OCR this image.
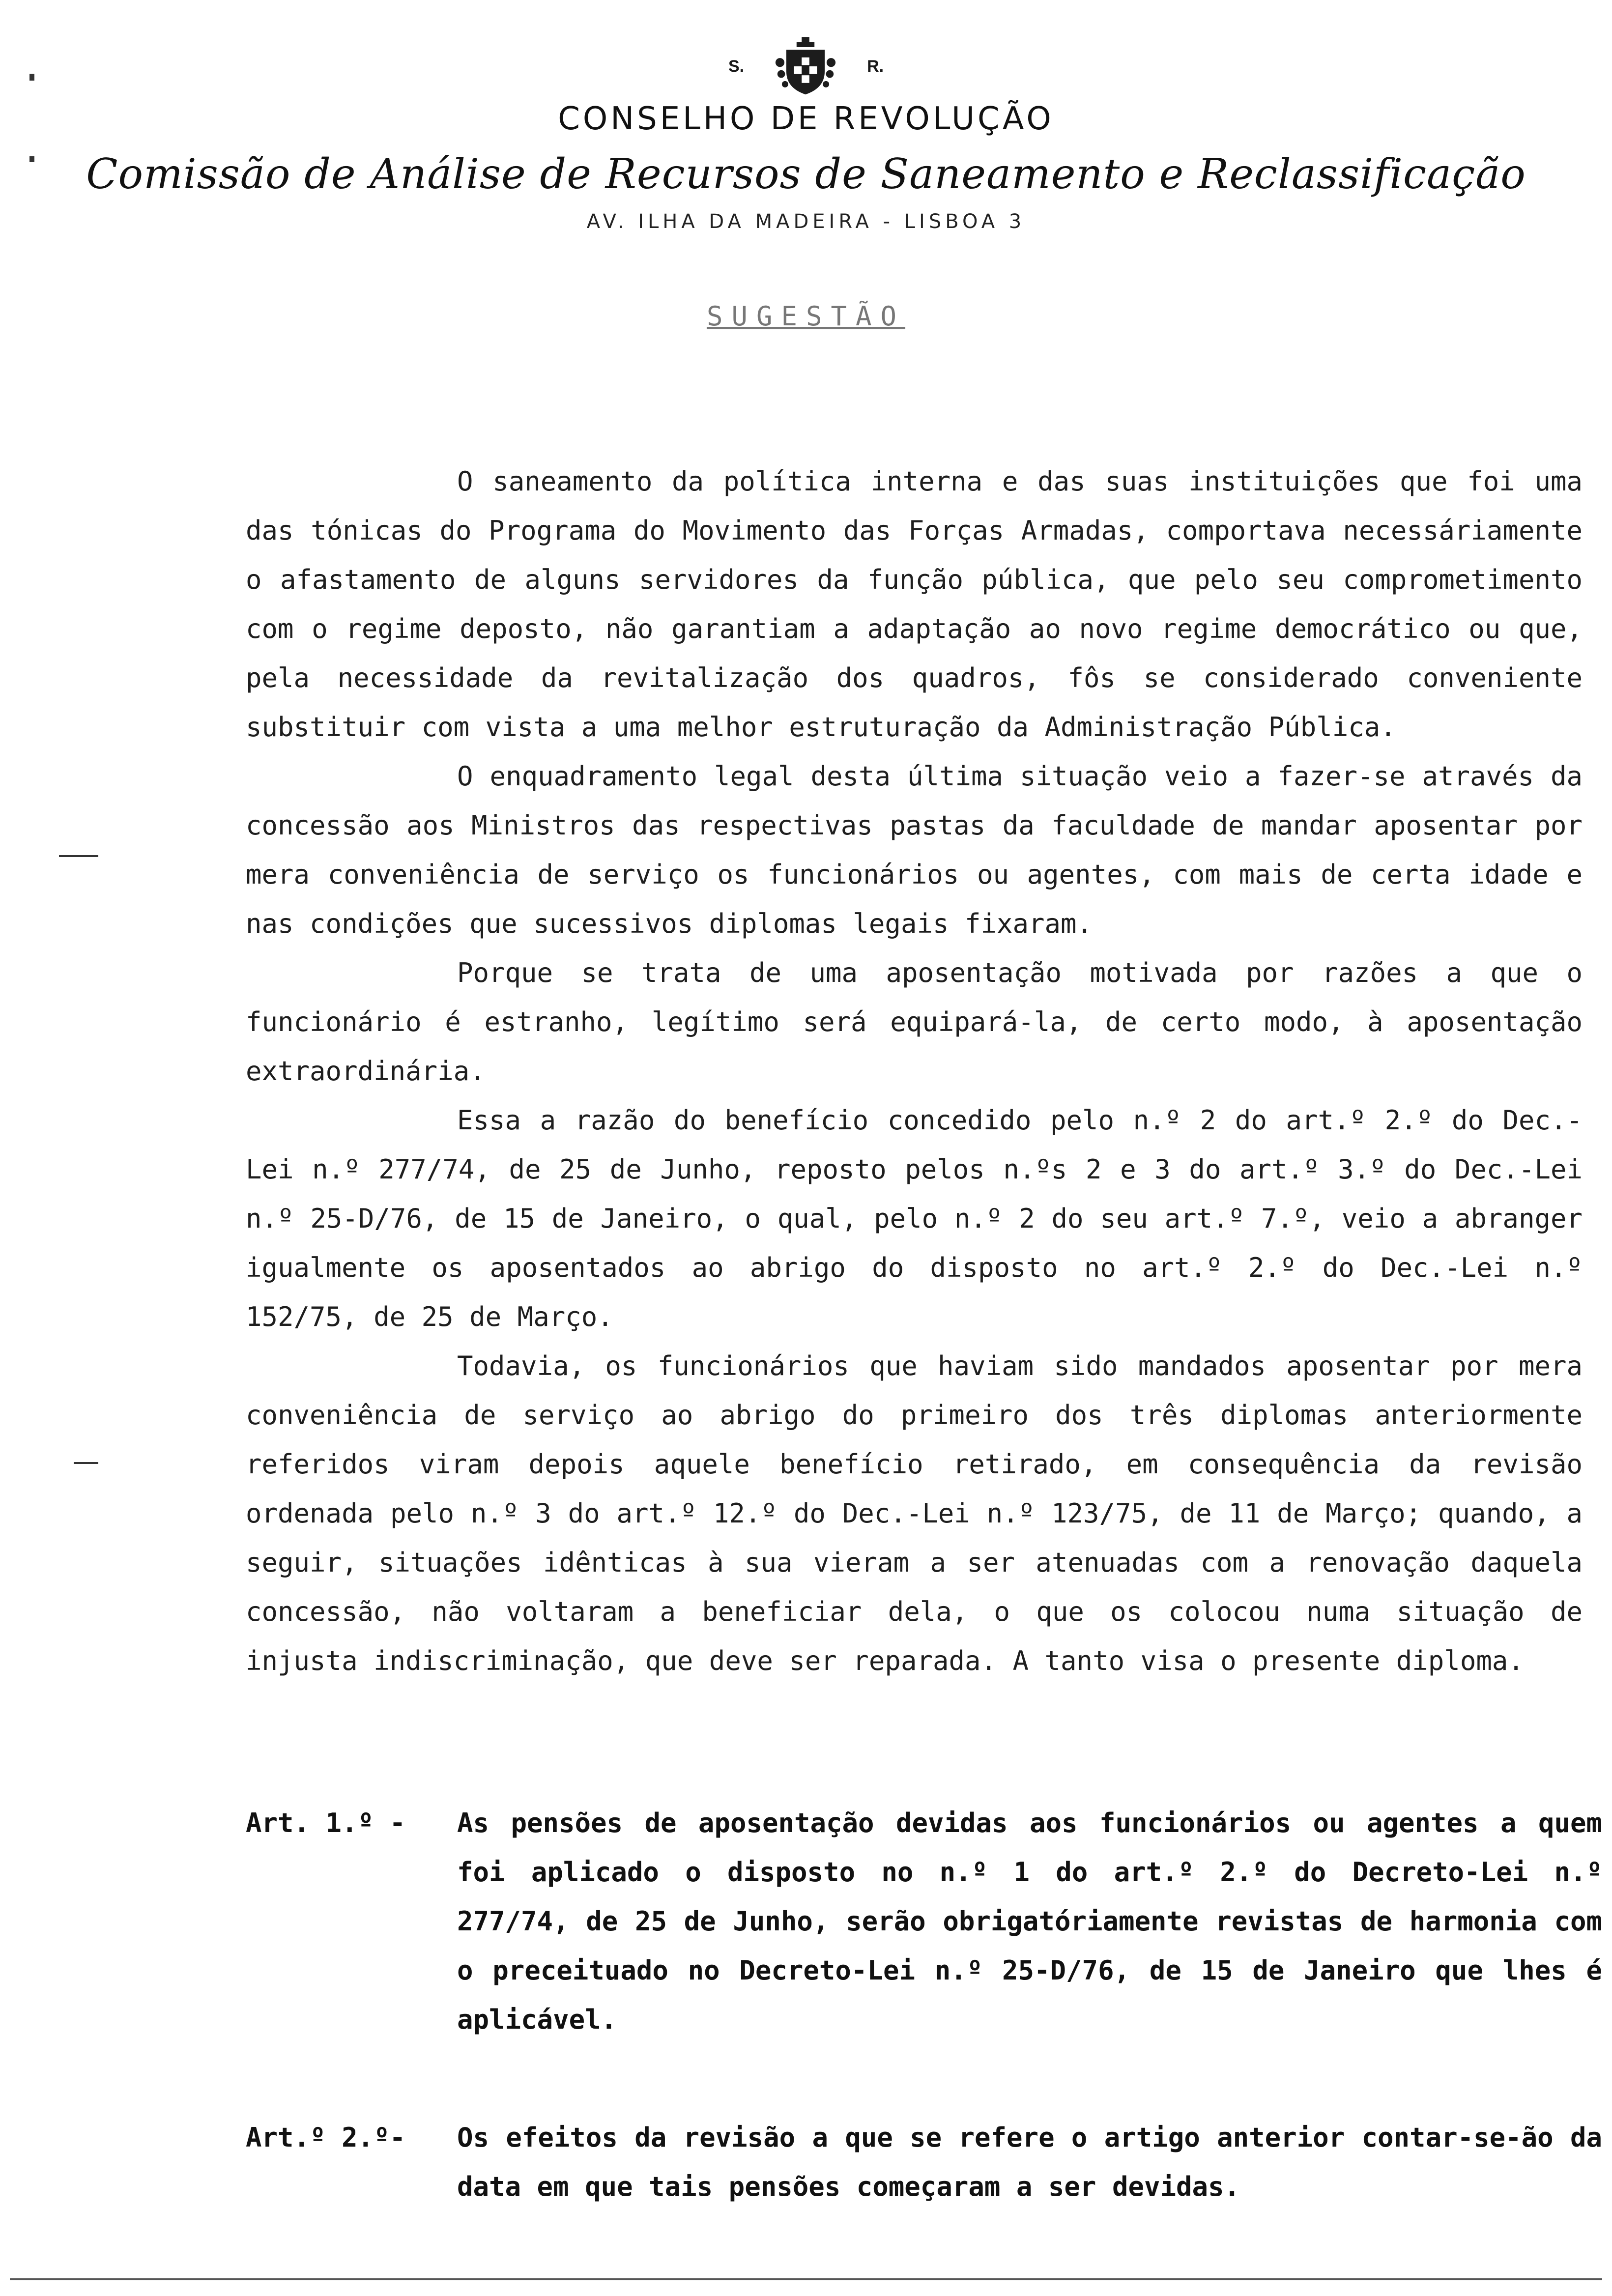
S.	R.
CONSELHO DE REVOLUÇÃO
Comissão de Análise de Recursos de Saneamento e Reclassificação
AV. ILHA DA MADEIRA - LISBOA 3
SUGESTÃO

O saneamento da política interna e das suas instituições que foi uma das tónicas do Programa do Movimento das Forças Armadas, comportava necessáriamente o afastamento de alguns servidores da função pública, que pelo seu comprometimento com o regime deposto, não garantiam a adaptação ao novo regime democrático ou que, pela necessidade da revitalização dos quadros, fôs se considerado conveniente substituir com vista a uma melhor estruturação da Administração Pública.

O enquadramento legal desta última situação veio a fazer-se através da concessão aos Ministros das respectivas pastas da faculdade de mandar aposentar por mera conveniência de serviço os funcionários ou agentes, com mais de certa idade e nas condições que sucessivos diplomas legais fixaram.

Porque se trata de uma aposentação motivada por razões a que o funcionário é estranho, legítimo será equipará-la, de certo modo, à aposentação extraordinária.

Essa a razão do benefício concedido pelo n.º 2 do art.º 2.º do Dec.-Lei n.º 277/74, de 25 de Junho, reposto pelos n.ºs 2 e 3 do art.º 3.º do Dec.-Lei n.º 25-D/76, de 15 de Janeiro, o qual, pelo n.º 2 do seu art.º 7.º, veio a abranger igualmente os aposentados ao abrigo do disposto no art.º 2.º do Dec.-Lei n.º 152/75, de 25 de Março.

Todavia, os funcionários que haviam sido mandados aposentar por mera conveniência de serviço ao abrigo do primeiro dos três diplomas anteriormente referidos viram depois aquele benefício retirado, em consequência da revisão ordenada pelo n.º 3 do art.º 12.º do Dec.-Lei n.º 123/75, de 11 de Março; quando, a seguir, situações idênticas à sua vieram a ser atenuadas com a renovação daquela concessão, não voltaram a beneficiar dela, o que os colocou numa situação de injusta indiscriminação, que deve ser reparada. A tanto visa o presente diploma.

Art. 1.º - As pensões de aposentação devidas aos funcionários ou agentes a quem foi aplicado o disposto no n.º 1 do art.º 2.º do Decreto-Lei n.º 277/74, de 25 de Junho, serão obrigatóriamente revistas de harmonia com o preceituado no Decreto-Lei n.º 25-D/76, de 15 de Janeiro que lhes é aplicável.
Art.º 2.º- Os efeitos da revisão a que se refere o artigo anterior contar-se-ão da data em que tais pensões começaram a ser devidas.
